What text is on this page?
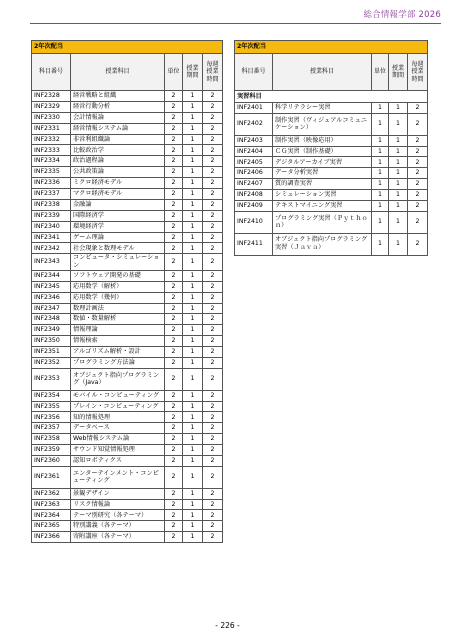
総合情報学部 2026
2年次配当				
科目番号	授業科目	単位	授業期間	毎週授業時間
INF2328	経営戦略と組織	2	1	2
INF2329	経営行動分析	2	1	2
INF2330	会計情報論	2	1	2
INF2331	経営情報システム論	2	1	2
INF2332	非営利組織論	2	1	2
INF2333	比較政治学	2	1	2
INF2334	政治過程論	2	1	2
INF2335	公共政策論	2	1	2
INF2336	ミクロ経済モデル	2	1	2
INF2337	マクロ経済モデル	2	1	2
INF2338	金融論	2	1	2
INF2339	国際経済学	2	1	2
INF2340	環境経済学	2	1	2
INF2341	ゲーム理論	2	1	2
INF2342	社会現象と数理モデル	2	1	2
INF2343	コンピュータ・シミュレーション	2	1	2
INF2344	ソフトウェア開発の基礎	2	1	2
INF2345	応用数学（解析）	2	1	2
INF2346	応用数学（幾何）	2	1	2
INF2347	数理計画法	2	1	2
INF2348	数値・数量解析	2	1	2
INF2349	情報理論	2	1	2
INF2350	情報検索	2	1	2
INF2351	アルゴリズム解析・設計	2	1	2
INF2352	プログラミング方法論	2	1	2
INF2353	オブジェクト指向プログラミング（Java）	2	1	2
INF2354	モバイル・コンピューティング	2	1	2
INF2355	プレイン・コンピューティング	2	1	2
INF2356	知的情報処理	2	1	2
INF2357	データベース	2	1	2
INF2358	Web情報システム論	2	1	2
INF2359	サウンド知覚情報処理	2	1	2
INF2360	認知ロボティクス	2	1	2
INF2361	エンターテインメント・コンピューティング	2	1	2
INF2362	景観デザイン	2	1	2
INF2363	リスク情報論	2	1	2
INF2364	テーマ別研究（各テーマ）	2	1	2
INF2365	特別講義（各テーマ）	2	1	2
INF2366	寄附講座（各テーマ）	2	1	2
2年次配当				
科目番号	授業科目	単位	授業期間	毎週授業時間
実習科目				
INF2401	科学リテラシー実習	1	1	2
INF2402	制作実習（ヴィジュアルコミュニケーション）	1	1	2
INF2403	制作実習（映像応用）	1	1	2
INF2404	ＣＧ実習（制作基礎）	1	1	2
INF2405	デジタルアーカイブ実習	1	1	2
INF2406	データ分析実習	1	1	2
INF2407	質的調査実習	1	1	2
INF2408	シミュレーション実習	1	1	2
INF2409	テキストマイニング実習	1	1	2
INF2410	プログラミング実習（Ｐｙｔｈｏｎ）	1	1	2
INF2411	オブジェクト指向プログラミング実習（Ｊａｖａ）	1	1	2
- 226 -
